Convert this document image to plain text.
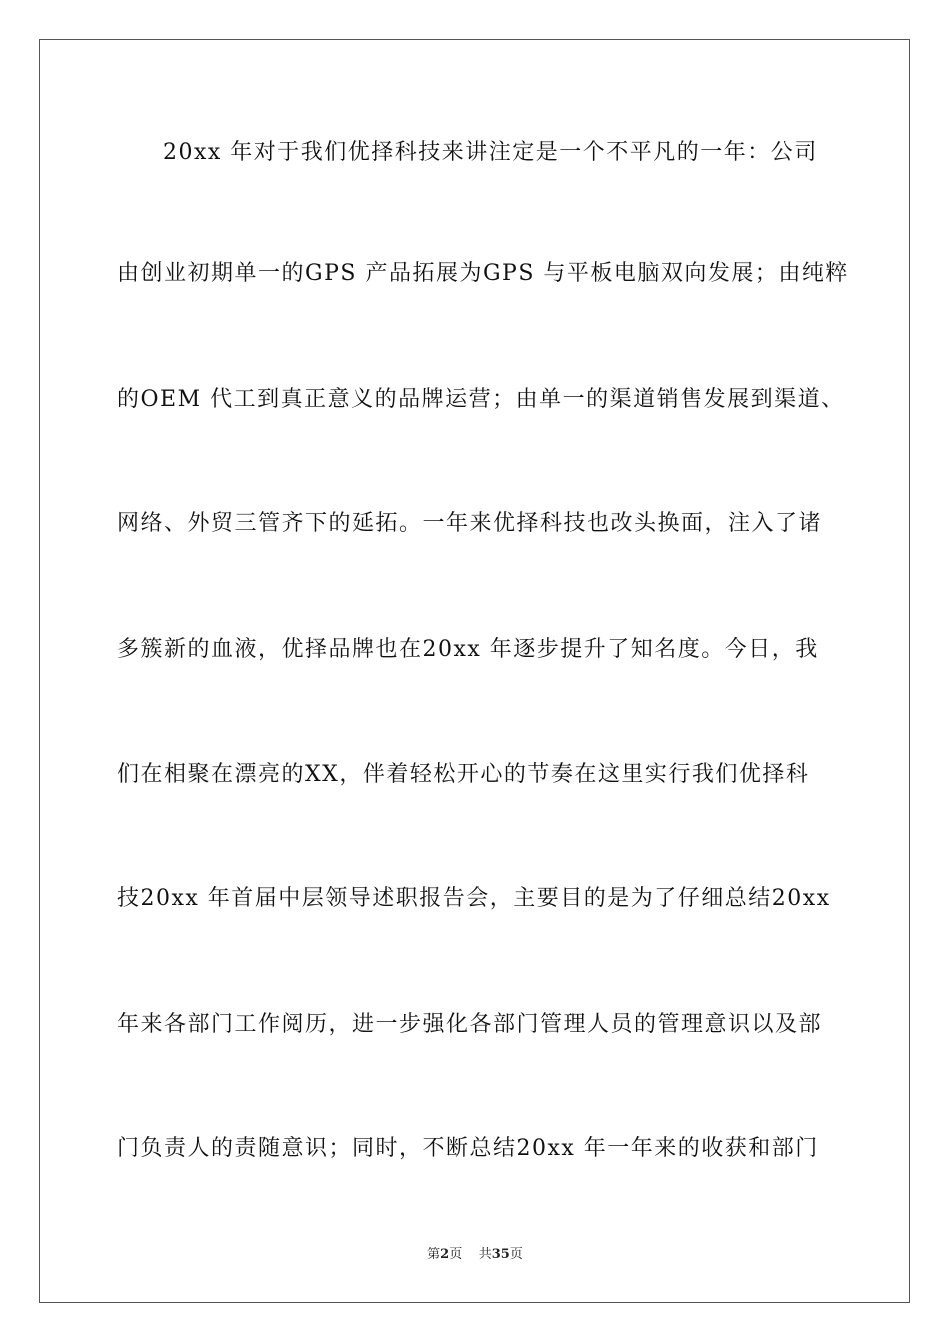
20xx 年对于我们优择科技来讲注定是一个不平凡的一年：公司
由创业初期单一的GPS 产品拓展为GPS 与平板电脑双向发展；由纯粹
的OEM 代工到真正意义的品牌运营；由单一的渠道销售发展到渠道、
网络、外贸三管齐下的延拓。一年来优择科技也改头换面，注入了诸
多簇新的血液，优择品牌也在20xx 年逐步提升了知名度。今日，我
们在相聚在漂亮的XX，伴着轻松开心的节奏在这里实行我们优择科
技20xx 年首届中层领导述职报告会，主要目的是为了仔细总结20xx
年来各部门工作阅历，进一步强化各部门管理人员的管理意识以及部
门负责人的责随意识；同时，不断总结20xx 年一年来的收获和部门
第2页 共35页
